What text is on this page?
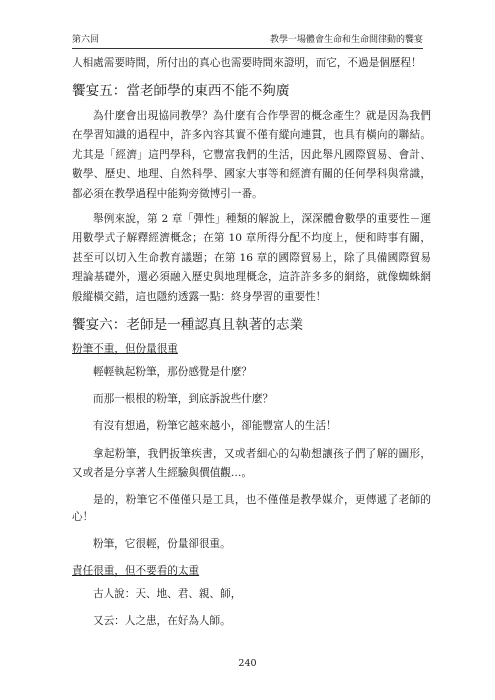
第六回	教學一場體會生命和生命間律動的饗宴

人相處需要時間，所付出的真心也需要時間來證明，而它，不過是個歷程！

饗宴五：當老師學的東西不能不夠廣

為什麼會出現協同教學？為什麼有合作學習的概念產生？就是因為我們在學習知識的過程中，許多內容其實不僅有縱向連貫，也具有橫向的聯結。尤其是「經濟」這門學科，它豐富我們的生活，因此舉凡國際貿易、會計、數學、歷史、地理、自然科學、國家大事等和經濟有關的任何學科與常識，都必須在教學過程中能夠旁徵博引一番。

舉例來說，第 2 章「彈性」種類的解說上，深深體會數學的重要性－運用數學式子解釋經濟概念；在第 10 章所得分配不均度上，便和時事有關，甚至可以切入生命教育議題；在第 16 章的國際貿易上，除了具備國際貿易理論基礎外，還必須融入歷史與地理概念，這許許多多的網絡，就像蜘蛛網般縱橫交錯，這也隱約透露一點：終身學習的重要性！

饗宴六：老師是一種認真且執著的志業
粉筆不重，但份量很重

輕輕執起粉筆，那份感覺是什麼？

而那一根根的粉筆，到底訴說些什麼？

有沒有想過，粉筆它越來越小，卻能豐富人的生活！

拿起粉筆，我們扳筆疾書，又或者細心的勾勒想讓孩子們了解的圖形，又或者是分享著人生經驗與價值觀…。

是的，粉筆它不僅僅只是工具，也不僅僅是教學媒介，更傳遞了老師的心！

粉筆，它很輕，份量卻很重。

責任很重，但不要看的太重

古人說：天、地、君、親、師，

又云：人之患，在好為人師。

240
